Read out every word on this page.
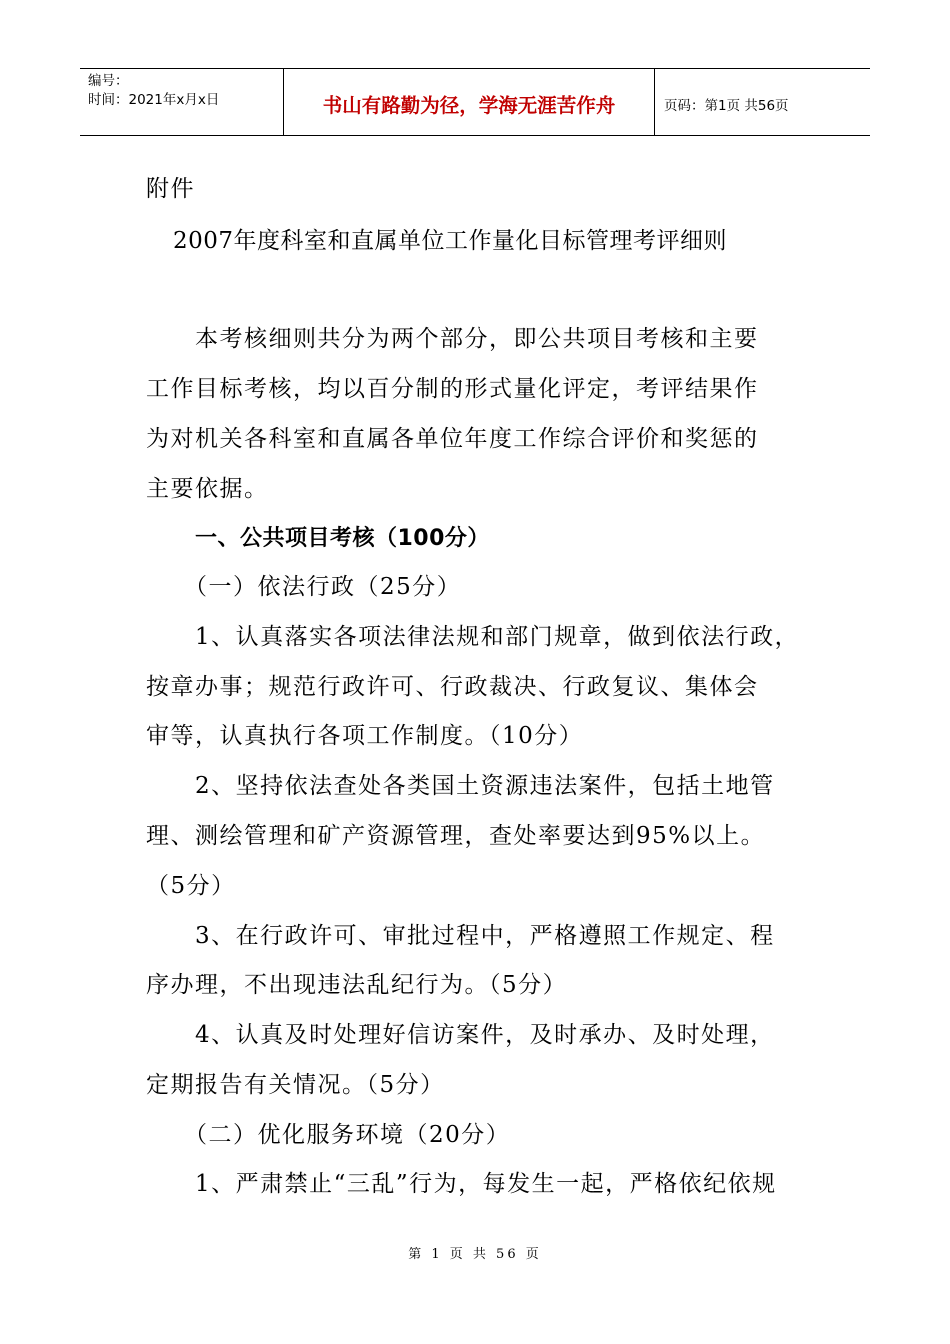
编号：
时间：2021年x月x日	书山有路勤为径，学海无涯苦作舟	页码：第1页 共56页
附件
2007年度科室和直属单位工作量化目标管理考评细则
本考核细则共分为两个部分，即公共项目考核和主要
工作目标考核，均以百分制的形式量化评定，考评结果作
为对机关各科室和直属各单位年度工作综合评价和奖惩的
主要依据。
一、公共项目考核（100分）
（一）依法行政（25分）
1、认真落实各项法律法规和部门规章，做到依法行政，
按章办事；规范行政许可、行政裁决、行政复议、集体会
审等，认真执行各项工作制度。（10分）
2、坚持依法查处各类国土资源违法案件，包括土地管
理、测绘管理和矿产资源管理，查处率要达到95%以上。
（5分）
3、在行政许可、审批过程中，严格遵照工作规定、程
序办理，不出现违法乱纪行为。（5分）
4、认真及时处理好信访案件，及时承办、及时处理，
定期报告有关情况。（5分）
（二）优化服务环境（20分）
1、严肃禁止“三乱”行为，每发生一起，严格依纪依规
第 1 页 共 56 页
